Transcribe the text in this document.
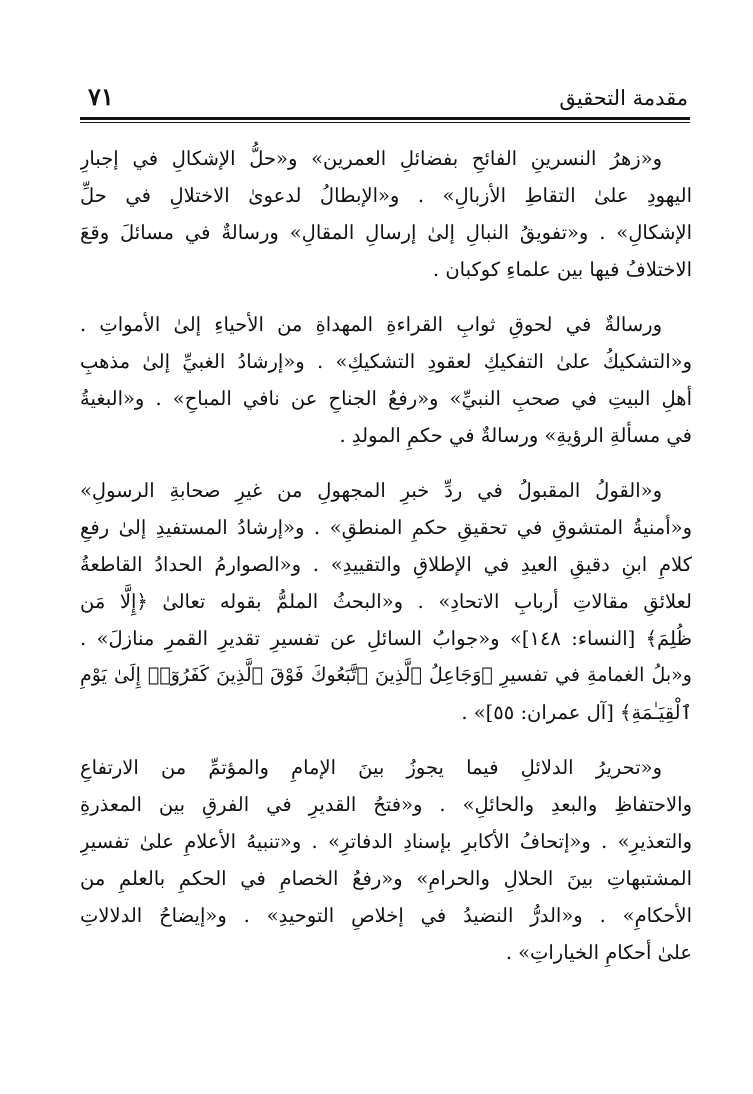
مقدمة التحقيق
٧١
و«زهرُ النسرينِ الفائحِ بفضائلِ العمرين» و«حلُّ الإشكالِ في إجبارِ
اليهودِ علىٰ التقاطِ الأزبالِ» . و«الإبطالُ لدعوىٰ الاختلالِ في حلِّ
الإشكالِ» . و«تفويقُ النبالِ إلىٰ إرسالِ المقالِ» ورسالةٌ في مسائلَ وقعَ
الاختلافُ فيها بين علماءِ كوكبان .
ورسالةٌ في لحوقِ ثوابِ القراءةِ المهداةِ من الأحياءِ إلىٰ الأمواتِ .
و«التشكيكُ علىٰ التفكيكِ لعقودِ التشكيكِ» . و«إرشادُ الغبيِّ إلىٰ مذهبِ
أهلِ البيتِ في صحبِ النبيِّ» و«رفعُ الجناحِ عن نافي المباحِ» . و«البغيةُ
في مسألةِ الرؤيةِ» ورسالةٌ في حكمِ المولدِ .
و«القولُ المقبولُ في ردِّ خبرِ المجهولِ من غيرِ صحابةِ الرسولِ»
و«أمنيةُ المتشوقِ في تحقيقِ حكمِ المنطقِ» . و«إرشادُ المستفيدِ إلىٰ رفعِ
كلامِ ابنِ دقيقِ العيدِ في الإطلاقِ والتقييدِ» . و«الصوارمُ الحدادُ القاطعةُ
لعلائقِ مقالاتِ أربابِ الاتحادِ» . و«البحثُ الملمُّ بقوله تعالىٰ ﴿إِلَّا مَن
ظُلِمَ﴾ [النساء: ١٤٨]» و«جوابُ السائلِ عن تفسيرِ تقديرِ القمرِ منازلَ» .
و«بلُ الغمامةِ في تفسيرِ ﴿وَجَاعِلُ ٱلَّذِينَ ٱتَّبَعُوكَ فَوْقَ ٱلَّذِينَ كَفَرُوٓا۟ إِلَىٰ يَوْمِ
ٱلْقِيَـٰمَةِ﴾ [آل عمران: ٥٥]» .
و«تحريرُ الدلائلِ فيما يجوزُ بينَ الإمامِ والمؤتمِّ من الارتفاعِ
والاحتفاظِ والبعدِ والحائلِ» . و«فتحُ القديرِ في الفرقِ بين المعذرةِ
والتعذيرِ» . و«إتحافُ الأكابرِ بإسنادِ الدفاترِ» . و«تنبيهُ الأعلامِ علىٰ تفسيرِ
المشتبهاتِ بينَ الحلالِ والحرامِ» و«رفعُ الخصامِ في الحكمِ بالعلمِ من
الأحكامِ» . و«الدرُّ النضيدُ في إخلاصِ التوحيدِ» . و«إيضاحُ الدلالاتِ
علىٰ أحكامِ الخياراتِ» .
